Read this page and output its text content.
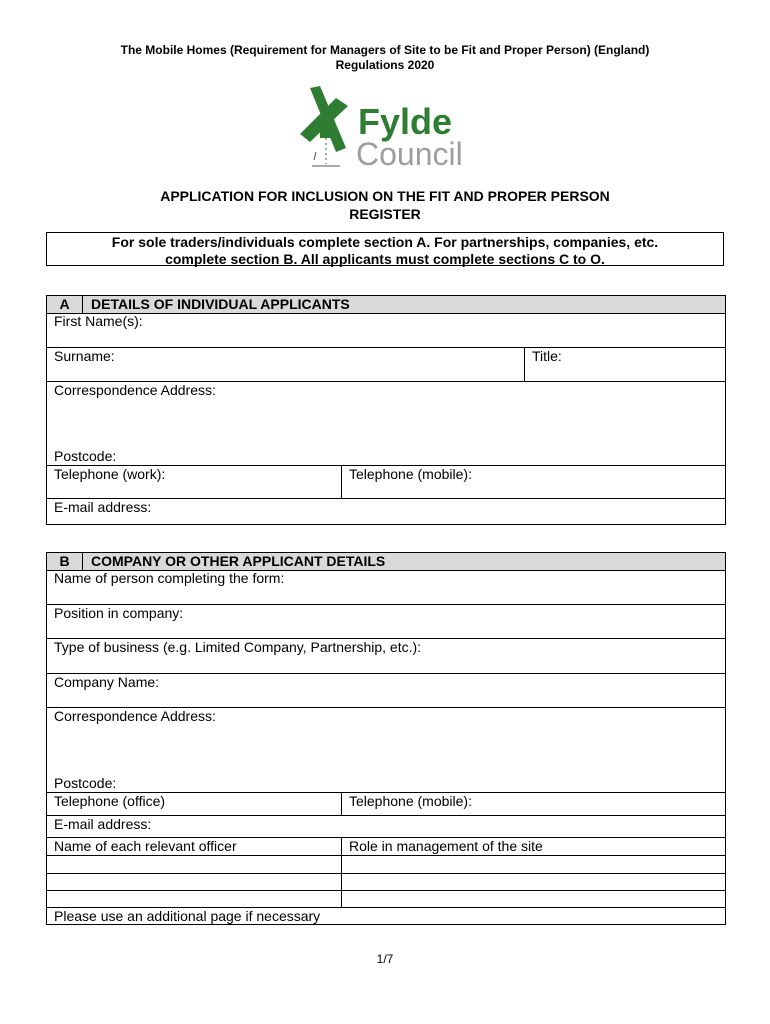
The Mobile Homes (Requirement for Managers of Site to be Fit and Proper Person) (England)
Regulations 2020
Fylde
Council
APPLICATION FOR INCLUSION ON THE FIT AND PROPER PERSON
REGISTER
For sole traders/individuals complete section A. For partnerships, companies, etc.
complete section B. All applicants must complete sections C to O.
A	DETAILS OF INDIVIDUAL APPLICANTS
First Name(s):
Surname:	Title:
Correspondence Address:
Postcode:
Telephone (work):	Telephone (mobile):
E-mail address:
B	COMPANY OR OTHER APPLICANT DETAILS
Name of person completing the form:
Position in company:
Type of business (e.g. Limited Company, Partnership, etc.):
Company Name:
Correspondence Address:
Postcode:
Telephone (office)	Telephone (mobile):
E-mail address:
Name of each relevant officer	Role in management of the site
Please use an additional page if necessary
1/7
